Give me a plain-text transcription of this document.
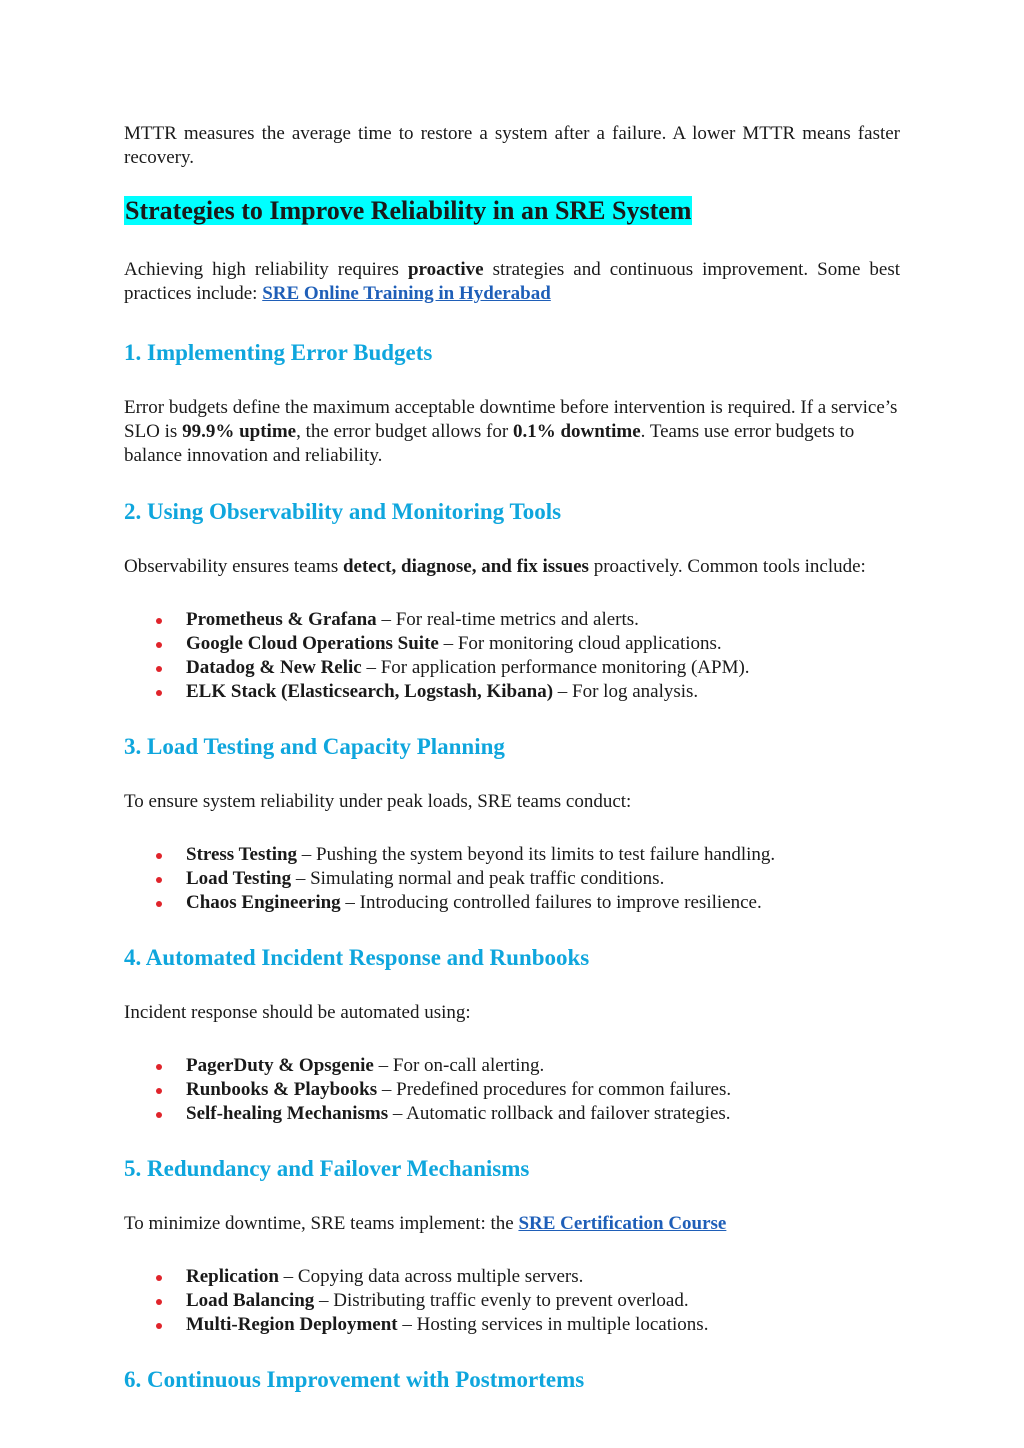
MTTR measures the average time to restore a system after a failure. A lower MTTR means faster recovery.

Strategies to Improve Reliability in an SRE System

Achieving high reliability requires proactive strategies and continuous improvement. Some best practices include: SRE Online Training in Hyderabad

1. Implementing Error Budgets

Error budgets define the maximum acceptable downtime before intervention is required. If a service’s SLO is 99.9% uptime, the error budget allows for 0.1% downtime. Teams use error budgets to balance innovation and reliability.

2. Using Observability and Monitoring Tools

Observability ensures teams detect, diagnose, and fix issues proactively. Common tools include:

Prometheus & Grafana – For real-time metrics and alerts.
Google Cloud Operations Suite – For monitoring cloud applications.
Datadog & New Relic – For application performance monitoring (APM).
ELK Stack (Elasticsearch, Logstash, Kibana) – For log analysis.
3. Load Testing and Capacity Planning

To ensure system reliability under peak loads, SRE teams conduct:

Stress Testing – Pushing the system beyond its limits to test failure handling.
Load Testing – Simulating normal and peak traffic conditions.
Chaos Engineering – Introducing controlled failures to improve resilience.
4. Automated Incident Response and Runbooks

Incident response should be automated using:

PagerDuty & Opsgenie – For on-call alerting.
Runbooks & Playbooks – Predefined procedures for common failures.
Self-healing Mechanisms – Automatic rollback and failover strategies.
5. Redundancy and Failover Mechanisms

To minimize downtime, SRE teams implement: the SRE Certification Course

Replication – Copying data across multiple servers.
Load Balancing – Distributing traffic evenly to prevent overload.
Multi-Region Deployment – Hosting services in multiple locations.
6. Continuous Improvement with Postmortems
